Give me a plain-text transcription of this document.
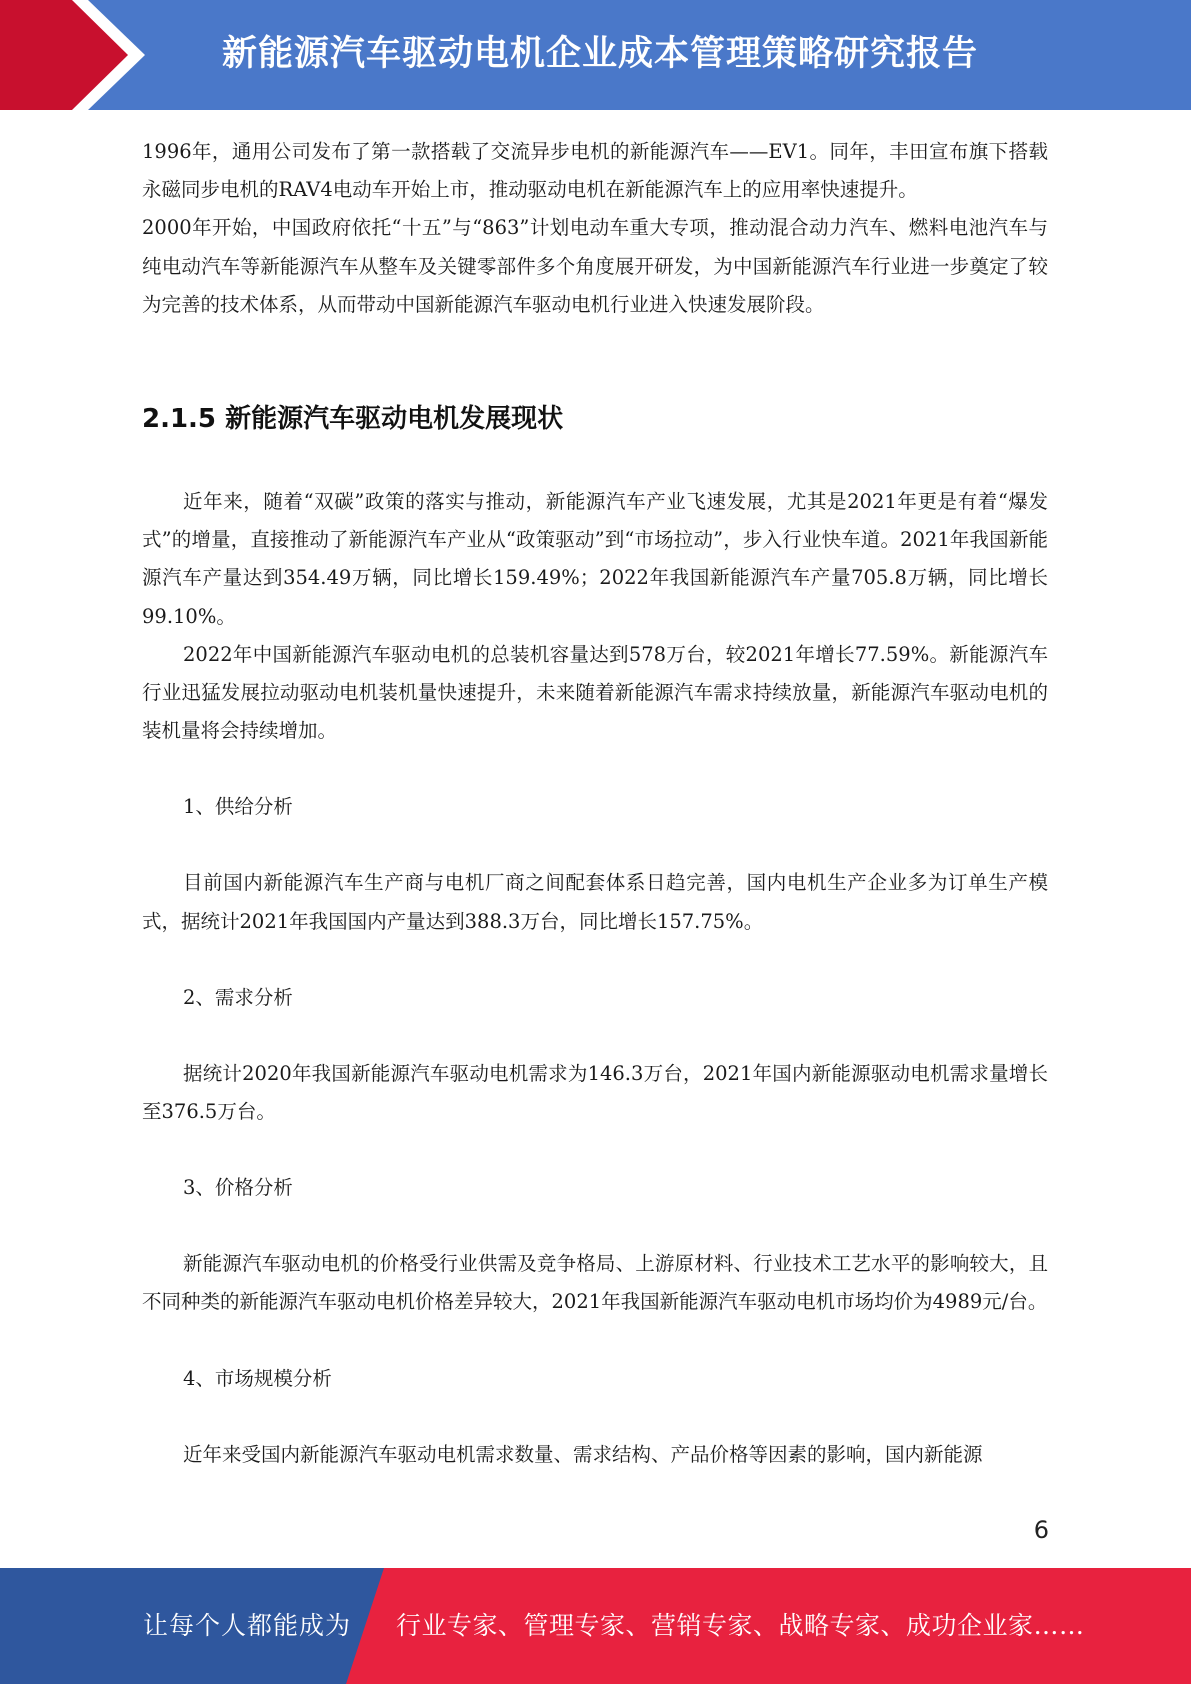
新能源汽车驱动电机企业成本管理策略研究报告

1996年，通用公司发布了第一款搭载了交流异步电机的新能源汽车——EV1。同年，丰田宣布旗下搭载永磁同步电机的RAV4电动车开始上市，推动驱动电机在新能源汽车上的应用率快速提升。

2000年开始，中国政府依托“十五”与“863”计划电动车重大专项，推动混合动力汽车、燃料电池汽车与纯电动汽车等新能源汽车从整车及关键零部件多个角度展开研发，为中国新能源汽车行业进一步奠定了较为完善的技术体系，从而带动中国新能源汽车驱动电机行业进入快速发展阶段。

2.1.5 新能源汽车驱动电机发展现状

近年来，随着“双碳”政策的落实与推动，新能源汽车产业飞速发展，尤其是2021年更是有着“爆发式”的增量，直接推动了新能源汽车产业从“政策驱动”到“市场拉动”，步入行业快车道。2021年我国新能源汽车产量达到354.49万辆，同比增长159.49%；2022年我国新能源汽车产量705.8万辆，同比增长99.10%。

2022年中国新能源汽车驱动电机的总装机容量达到578万台，较2021年增长77.59%。新能源汽车行业迅猛发展拉动驱动电机装机量快速提升，未来随着新能源汽车需求持续放量，新能源汽车驱动电机的装机量将会持续增加。

1、供给分析

目前国内新能源汽车生产商与电机厂商之间配套体系日趋完善，国内电机生产企业多为订单生产模式，据统计2021年我国国内产量达到388.3万台，同比增长157.75%。

2、需求分析

据统计2020年我国新能源汽车驱动电机需求为146.3万台，2021年国内新能源驱动电机需求量增长至376.5万台。

3、价格分析

新能源汽车驱动电机的价格受行业供需及竞争格局、上游原材料、行业技术工艺水平的影响较大，且不同种类的新能源汽车驱动电机价格差异较大，2021年我国新能源汽车驱动电机市场均价为4989元/台。

4、市场规模分析

近年来受国内新能源汽车驱动电机需求数量、需求结构、产品价格等因素的影响，国内新能源

6
让每个人都能成为 行业专家、管理专家、营销专家、战略专家、成功企业家……
